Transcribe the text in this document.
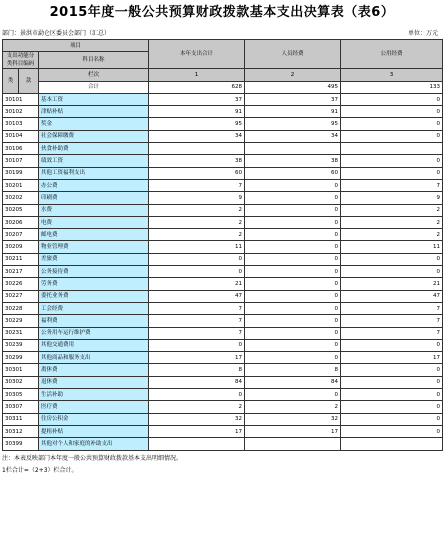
2015年度一般公共预算财政拨款基本支出决算表（表6）
部门：景洪市勐仑区委员会部门（汇总）	单位：万元
项目			本年支出合计	人员经费	公用经费
支出功能分类科目编码		科目名称			

类	款	栏次	1	2	3
		合计	628	495	133
30101		基本工资	37	37	0
30102		津贴补贴	91	91	0
30103		奖金	95	95	0
30104		社会保障缴费	34	34	0
30106		伙食补助费			
30107		绩效工资	38	38	0
30199		其他工资福利支出	60	60	0
30201		办公费	7	0	7
30202		印刷费	9	0	9
30205		水费	2	0	2
30206		电费	2	0	2
30207		邮电费	2	0	2
30209		物业管理费	11	0	11
30211		差旅费	0	0	0
30217		公务接待费	0	0	0
30226		劳务费	21	0	21
30227		委托业务费	47	0	47
30228		工会经费	7	0	7
30229		福利费	7	0	7
30231		公务用车运行维护费	7	0	7
30239		其他交通费用	0	0	0
30299		其他商品和服务支出	17	0	17
30301		离休费	8	8	0
30302		退休费	84	84	0
30305		生活补助	0	0	0
30307		医疗费	2	2	0
30311		住房公积金	32	32	0
30312		提租补贴	17	17	0
30399		其他对个人和家庭的补助支出			
注：本表反映部门本年度一般公共预算财政拨款基本支出明细情况。
1栏合计=（2+3）栏合计。
